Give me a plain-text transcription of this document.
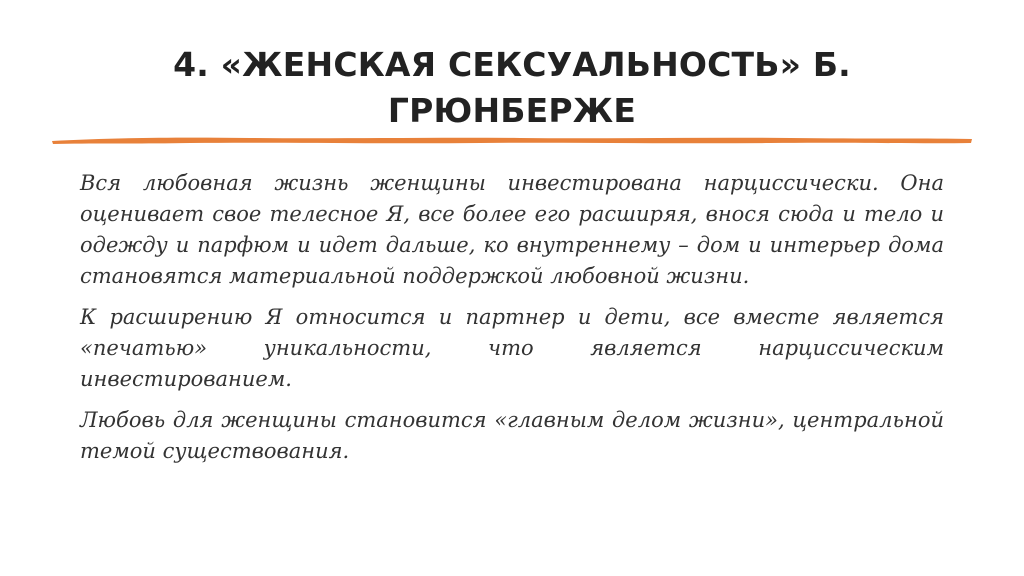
4. «ЖЕНСКАЯ СЕКСУАЛЬНОСТЬ» Б.
ГРЮНБЕРЖЕ

Вся любовная жизнь женщины инвестирована нарциссически. Она оценивает свое телесное Я, все более его расширяя, внося сюда и тело и одежду и парфюм и идет дальше, ко внутреннему – дом и интерьер дома становятся материальной поддержкой любовной жизни.

К расширению Я относится и партнер и дети, все вместе является «печатью» уникальности, что является нарциссическим инвестированием.

Любовь для женщины становится «главным делом жизни», центральной темой существования.
